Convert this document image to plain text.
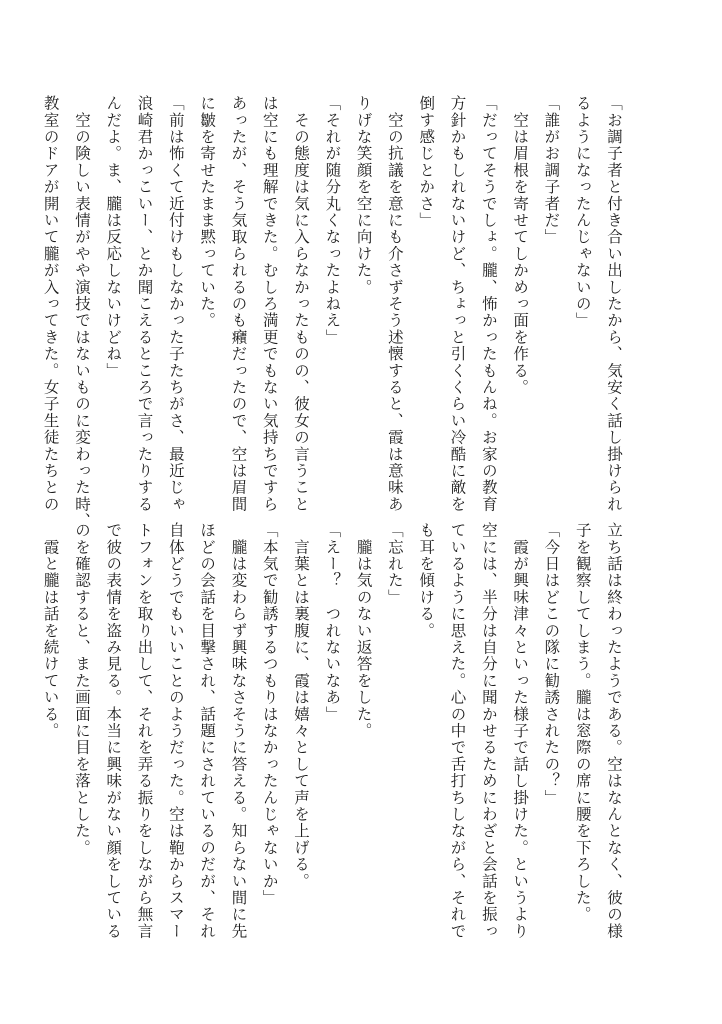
「お調子者と付き合い出したから、気安く話し掛けられ
るようになったんじゃないの」
「誰がお調子者だ」
　空は眉根を寄せてしかめっ面を作る。
「だってそうでしょ。朧、怖かったもんね。お家の教育
方針かもしれないけど、ちょっと引くくらい冷酷に敵を
倒す感じとかさ」
　空の抗議を意にも介さずそう述懐すると、霞は意味あ
りげな笑顔を空に向けた。
「それが随分丸くなったよねえ」
　その態度は気に入らなかったものの、彼女の言うこと
は空にも理解できた。むしろ満更でもない気持ちですら
あったが、そう気取られるのも癪だったので、空は眉間
に皺を寄せたまま黙っていた。
「前は怖くて近付けもしなかった子たちがさ、最近じゃ
浪崎君かっこいー、とか聞こえるところで言ったりする
んだよ。ま、朧は反応しないけどね」
　空の険しい表情がやや演技ではないものに変わった時、
教室のドアが開いて朧が入ってきた。女子生徒たちとの
立ち話は終わったようである。空はなんとなく、彼の様
子を観察してしまう。朧は窓際の席に腰を下ろした。
「今日はどこの隊に勧誘されたの？」
　霞が興味津々といった様子で話し掛けた。というより
空には、半分は自分に聞かせるためにわざと会話を振っ
ているように思えた。心の中で舌打ちしながら、それで
も耳を傾ける。
「忘れた」
　朧は気のない返答をした。
「えー？　つれないなあ」
　言葉とは裏腹に、霞は嬉々として声を上げる。
「本気で勧誘するつもりはなかったんじゃないか」
　朧は変わらず興味なさそうに答える。知らない間に先
ほどの会話を目撃され、話題にされているのだが、それ
自体どうでもいいことのようだった。空は鞄からスマー
トフォンを取り出して、それを弄る振りをしながら無言
で彼の表情を盗み見る。本当に興味がない顔をしている
のを確認すると、また画面に目を落とした。
　霞と朧は話を続けている。
